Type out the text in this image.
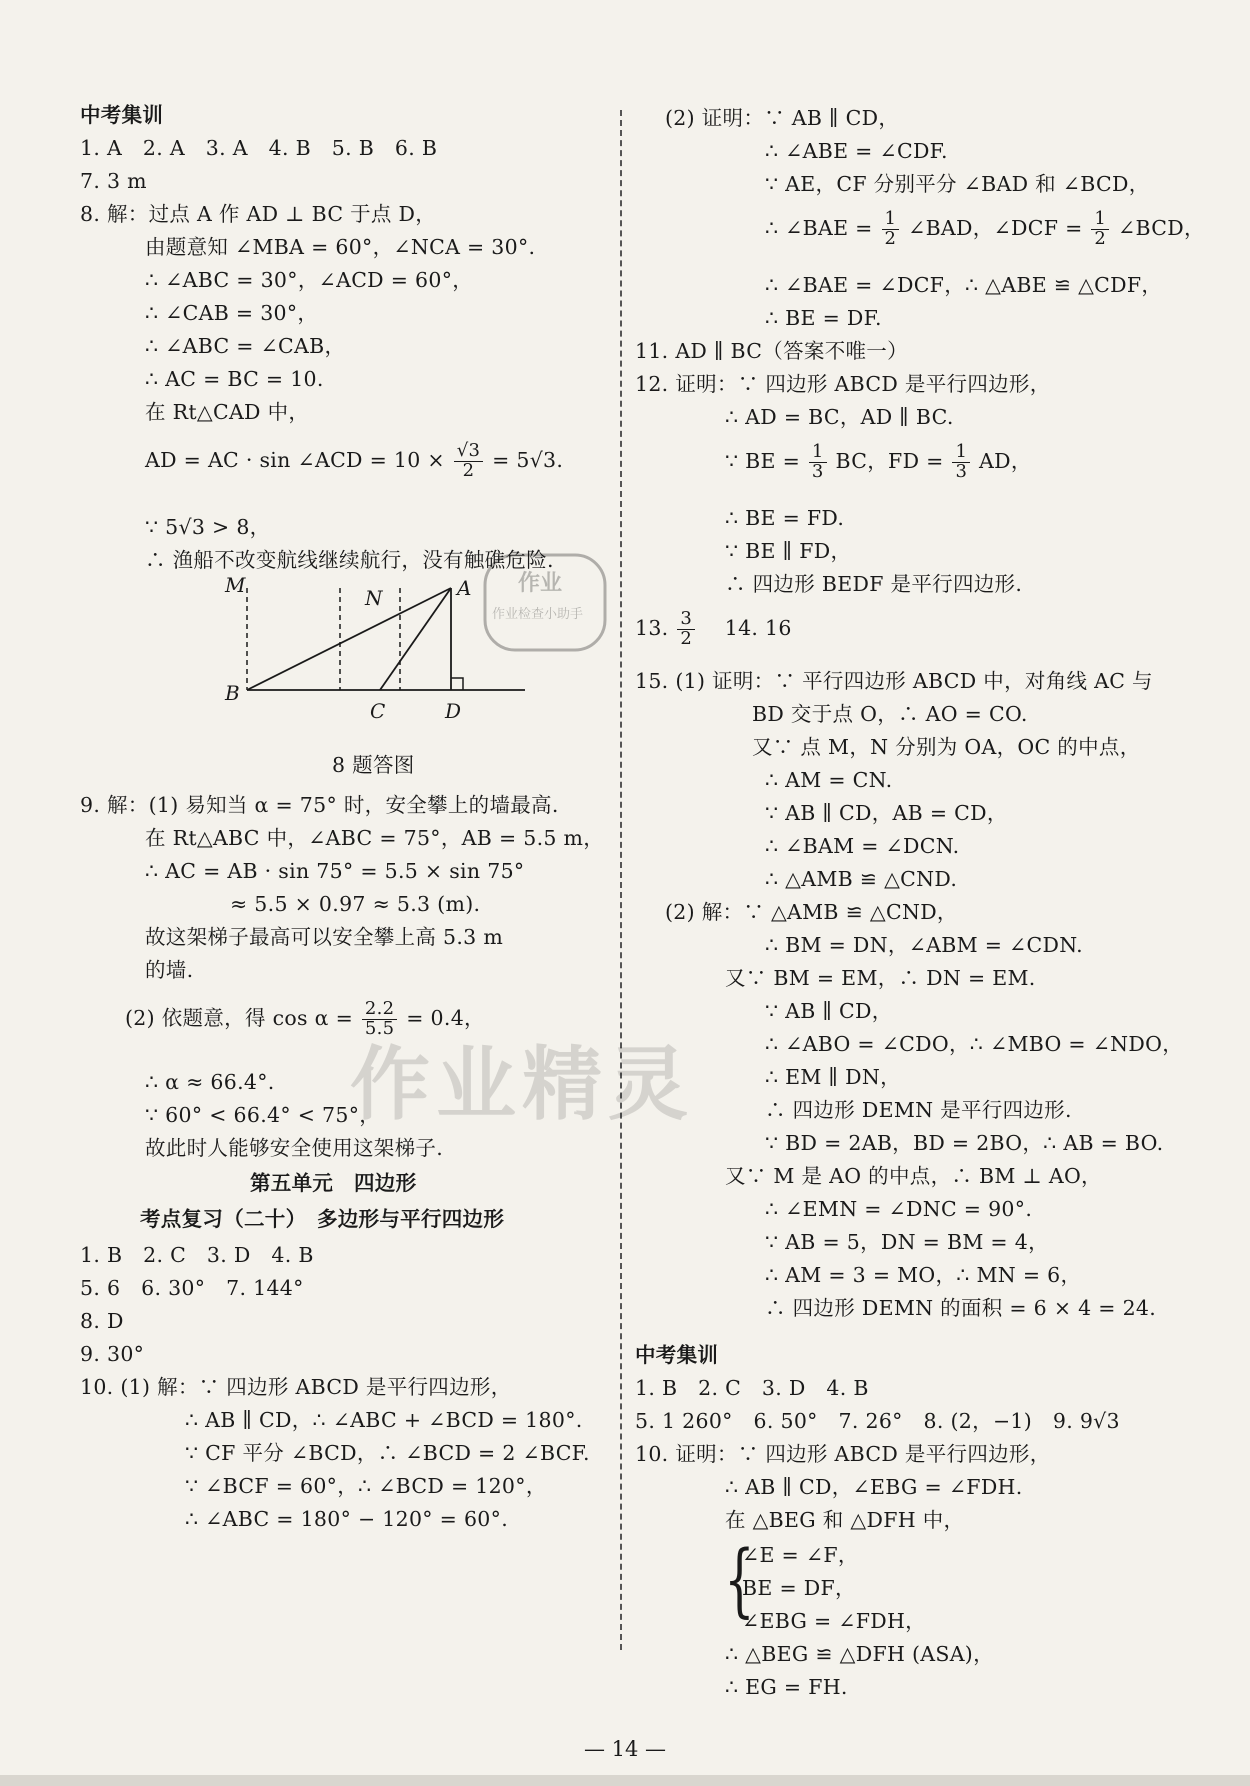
中考集训
1. A　2. A　3. A　4. B　5. B　6. B
7. 3 m
8. 解：过点 A 作 AD ⊥ BC 于点 D，
由题意知 ∠MBA = 60°，∠NCA = 30°.
∴ ∠ABC = 30°，∠ACD = 60°，
∴ ∠CAB = 30°，
∴ ∠ABC = ∠CAB，
∴ AC = BC = 10.
在 Rt△CAD 中，
AD = AC · sin ∠ACD = $10 \times \frac{√3}{2} = 5√3$.
∵ 5√3 > 8，
∴ 渔船不改变航线继续航行，没有触礁危险.
M
N	A
B
C	D
8 题答图
9. 解：(1) 易知当 α = 75° 时，安全攀上的墙最高.
在 Rt△ABC 中，∠ABC = 75°，AB = 5.5 m，
∴ AC = AB · sin 75° = 5.5 × sin 75°
≈ 5.5 × 0.97 ≈ 5.3 (m).
故这架梯子最高可以安全攀上高 5.3 m
的墙.
(2) 依题意，得 $\cos \alpha = \frac{2.2}{5.5} = 0.4$，
∴ α ≈ 66.4°.
∵ 60° < 66.4° < 75°，
故此时人能够安全使用这架梯子.
第五单元　四边形
考点复习（二十）　多边形与平行四边形
1. B　2. C　3. D　4. B
5. 6　6. 30°　7. 144°
8. D
9. 30°
10. (1) 解：∵ 四边形 ABCD 是平行四边形，
∴ AB ∥ CD，∴ ∠ABC + ∠BCD = 180°.
∵ CF 平分 ∠BCD，∴ ∠BCD = 2 ∠BCF.
∵ ∠BCF = 60°，∴ ∠BCD = 120°，
∴ ∠ABC = 180° − 120° = 60°.
(2) 证明：∵ AB ∥ CD，
∴ ∠ABE = ∠CDF.
∵ AE，CF 分别平分 ∠BAD 和 ∠BCD，
∴ ∠BAE = $\frac{1}{2}$ ∠BAD，∠DCF = $\frac{1}{2}$ ∠BCD，
∴ ∠BAE = ∠DCF，∴ △ABE ≌ △CDF，
∴ BE = DF.
11. AD ∥ BC（答案不唯一）
12. 证明：∵ 四边形 ABCD 是平行四边形，
∴ AD = BC，AD ∥ BC.
∵ BE = $\frac{1}{3}$ BC，FD = $\frac{1}{3}$ AD，
∴ BE = FD.
∵ BE ∥ FD，
∴ 四边形 BEDF 是平行四边形.
13. $\frac{3}{2}$ 　14. 16
15. (1) 证明：∵ 平行四边形 ABCD 中，对角线 AC 与
BD 交于点 O，∴ AO = CO.
又∵ 点 M，N 分别为 OA，OC 的中点，
∴ AM = CN.
∵ AB ∥ CD，AB = CD，
∴ ∠BAM = ∠DCN.
∴ △AMB ≌ △CND.
(2) 解：∵ △AMB ≌ △CND，
∴ BM = DN，∠ABM = ∠CDN.
又∵ BM = EM，∴ DN = EM.
∵ AB ∥ CD，
∴ ∠ABO = ∠CDO，∴ ∠MBO = ∠NDO，
∴ EM ∥ DN，
∴ 四边形 DEMN 是平行四边形.
∵ BD = 2AB，BD = 2BO，∴ AB = BO.
又∵ M 是 AO 的中点，∴ BM ⊥ AO，
∴ ∠EMN = ∠DNC = 90°.
∵ AB = 5，DN = BM = 4，
∴ AM = 3 = MO，∴ MN = 6，
∴ 四边形 DEMN 的面积 = 6 × 4 = 24.
中考集训
1. B　2. C　3. D　4. B
5. 1 260°　6. 50°　7. 26°　8. (2，−1)　9. 9√3
10. 证明：∵ 四边形 ABCD 是平行四边形，
∴ AB ∥ CD，∠EBG = ∠FDH.
在 △BEG 和 △DFH 中，
{
∠E = ∠F，
BE = DF，
∠EBG = ∠FDH，
∴ △BEG ≌ △DFH (ASA)，
∴ EG = FH.
作业
作业检查小助手
作业精灵
— 14 —
